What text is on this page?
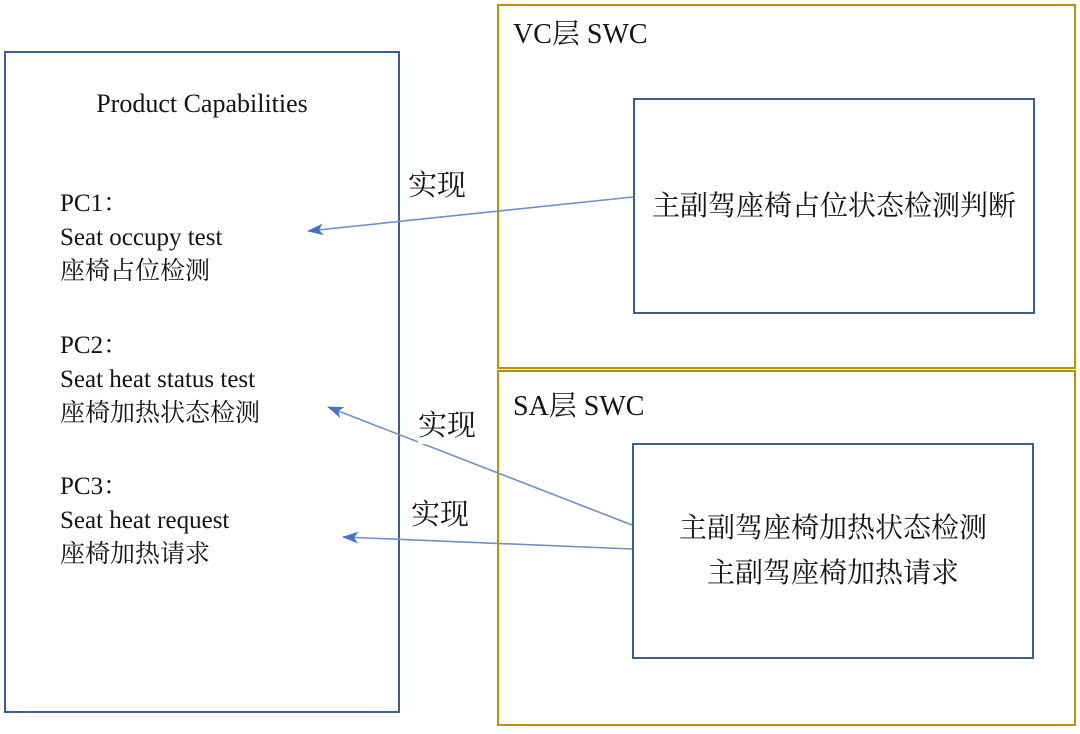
Product Capabilities
PC1：
Seat occupy test
座椅占位检测
PC2：
Seat heat status test
座椅加热状态检测
PC3：
Seat heat request
座椅加热请求
VC层 SWC
主副驾座椅占位状态检测判断
SA层 SWC
主副驾座椅加热状态检测
主副驾座椅加热请求
实现
实现
实现
